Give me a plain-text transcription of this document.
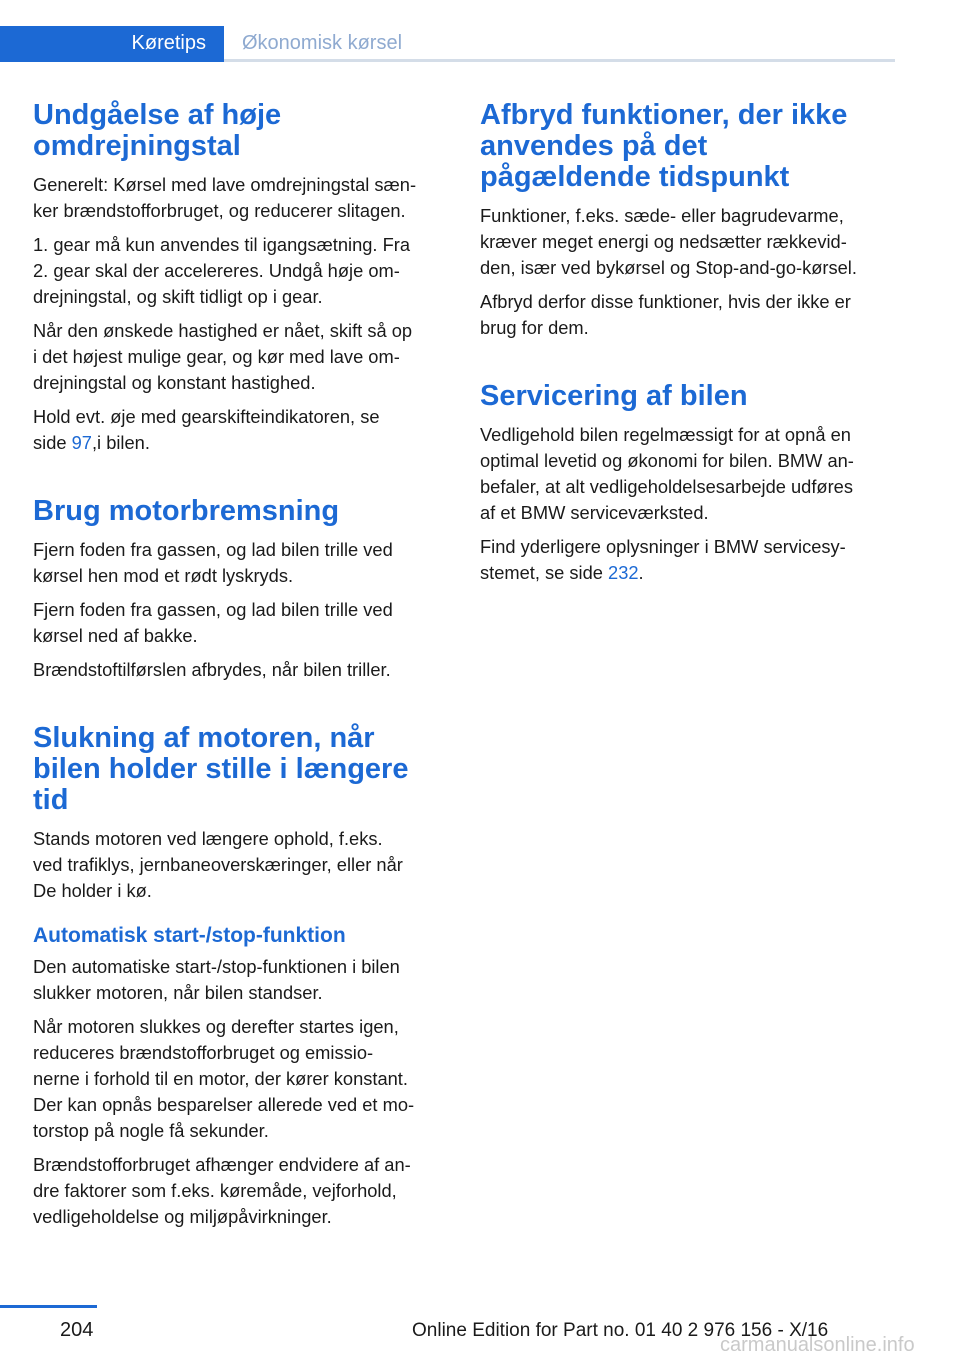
Køretips	Økonomisk kørsel
Undgåelse af høje
omdrejningstal

Generelt: Kørsel med lave omdrejningstal sæn‐
ker brændstofforbruget, og reducerer slitagen.

1. gear må kun anvendes til igangsætning. Fra
2. gear skal der accelereres. Undgå høje om‐
drejningstal, og skift tidligt op i gear.

Når den ønskede hastighed er nået, skift så op
i det højest mulige gear, og kør med lave om‐
drejningstal og konstant hastighed.

Hold evt. øje med gearskifteindikatoren, se
side 97,i bilen.

Brug motorbremsning

Fjern foden fra gassen, og lad bilen trille ved
kørsel hen mod et rødt lyskryds.

Fjern foden fra gassen, og lad bilen trille ved
kørsel ned af bakke.

Brændstoftilførslen afbrydes, når bilen triller.

Slukning af motoren, når
bilen holder stille i længere
tid

Stands motoren ved længere ophold, f.eks.
ved trafiklys, jernbaneoverskæringer, eller når
De holder i kø.

Automatisk start-/stop-funktion

Den automatiske start-/stop-funktionen i bilen
slukker motoren, når bilen standser.

Når motoren slukkes og derefter startes igen,
reduceres brændstofforbruget og emissio‐
nerne i forhold til en motor, der kører konstant.
Der kan opnås besparelser allerede ved et mo‐
torstop på nogle få sekunder.

Brændstofforbruget afhænger endvidere af an‐
dre faktorer som f.eks. køremåde, vejforhold,
vedligeholdelse og miljøpåvirkninger.

Afbryd funktioner, der ikke
anvendes på det
pågældende tidspunkt

Funktioner, f.eks. sæde- eller bagrudevarme,
kræver meget energi og nedsætter rækkevid‐
den, især ved bykørsel og Stop-and-go-kørsel.

Afbryd derfor disse funktioner, hvis der ikke er
brug for dem.

Servicering af bilen

Vedligehold bilen regelmæssigt for at opnå en
optimal levetid og økonomi for bilen. BMW an‐
befaler, at alt vedligeholdelsesarbejde udføres
af et BMW serviceværksted.

Find yderligere oplysninger i BMW servicesy‐
stemet, se side 232.

204	Online Edition for Part no. 01 40 2 976 156 - X/16
carmanualsonline.info
